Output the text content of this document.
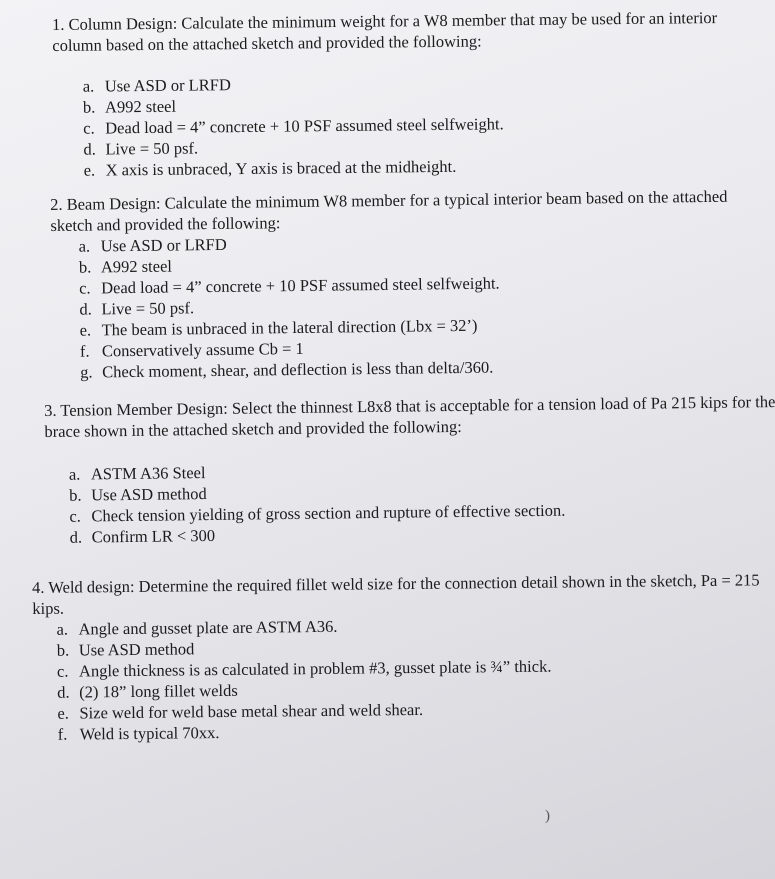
1. Column Design: Calculate the minimum weight for a W8 member that may be used for an interior column based on the attached sketch and provided the following:

a. Use ASD or LRFD
b. A992 steel
c. Dead load = 4” concrete + 10 PSF assumed steel selfweight.
d. Live = 50 psf.
e. X axis is unbraced, Y axis is braced at the midheight.

2. Beam Design: Calculate the minimum W8 member for a typical interior beam based on the attached sketch and provided the following:

a. Use ASD or LRFD
b. A992 steel
c. Dead load = 4” concrete + 10 PSF assumed steel selfweight.
d. Live = 50 psf.
e. The beam is unbraced in the lateral direction (Lbx = 32’)
f. Conservatively assume Cb = 1
g. Check moment, shear, and deflection is less than delta/360.

3. Tension Member Design: Select the thinnest L8x8 that is acceptable for a tension load of Pa 215 kips for the brace shown in the attached sketch and provided the following:

a. ASTM A36 Steel
b. Use ASD method
c. Check tension yielding of gross section and rupture of effective section.
d. Confirm LR < 300

4. Weld design: Determine the required fillet weld size for the connection detail shown in the sketch, Pa = 215 kips.

a. Angle and gusset plate are ASTM A36.
b. Use ASD method
c. Angle thickness is as calculated in problem #3, gusset plate is ¾” thick.
d. (2) 18” long fillet welds
e. Size weld for weld base metal shear and weld shear.
f. Weld is typical 70xx.
)
